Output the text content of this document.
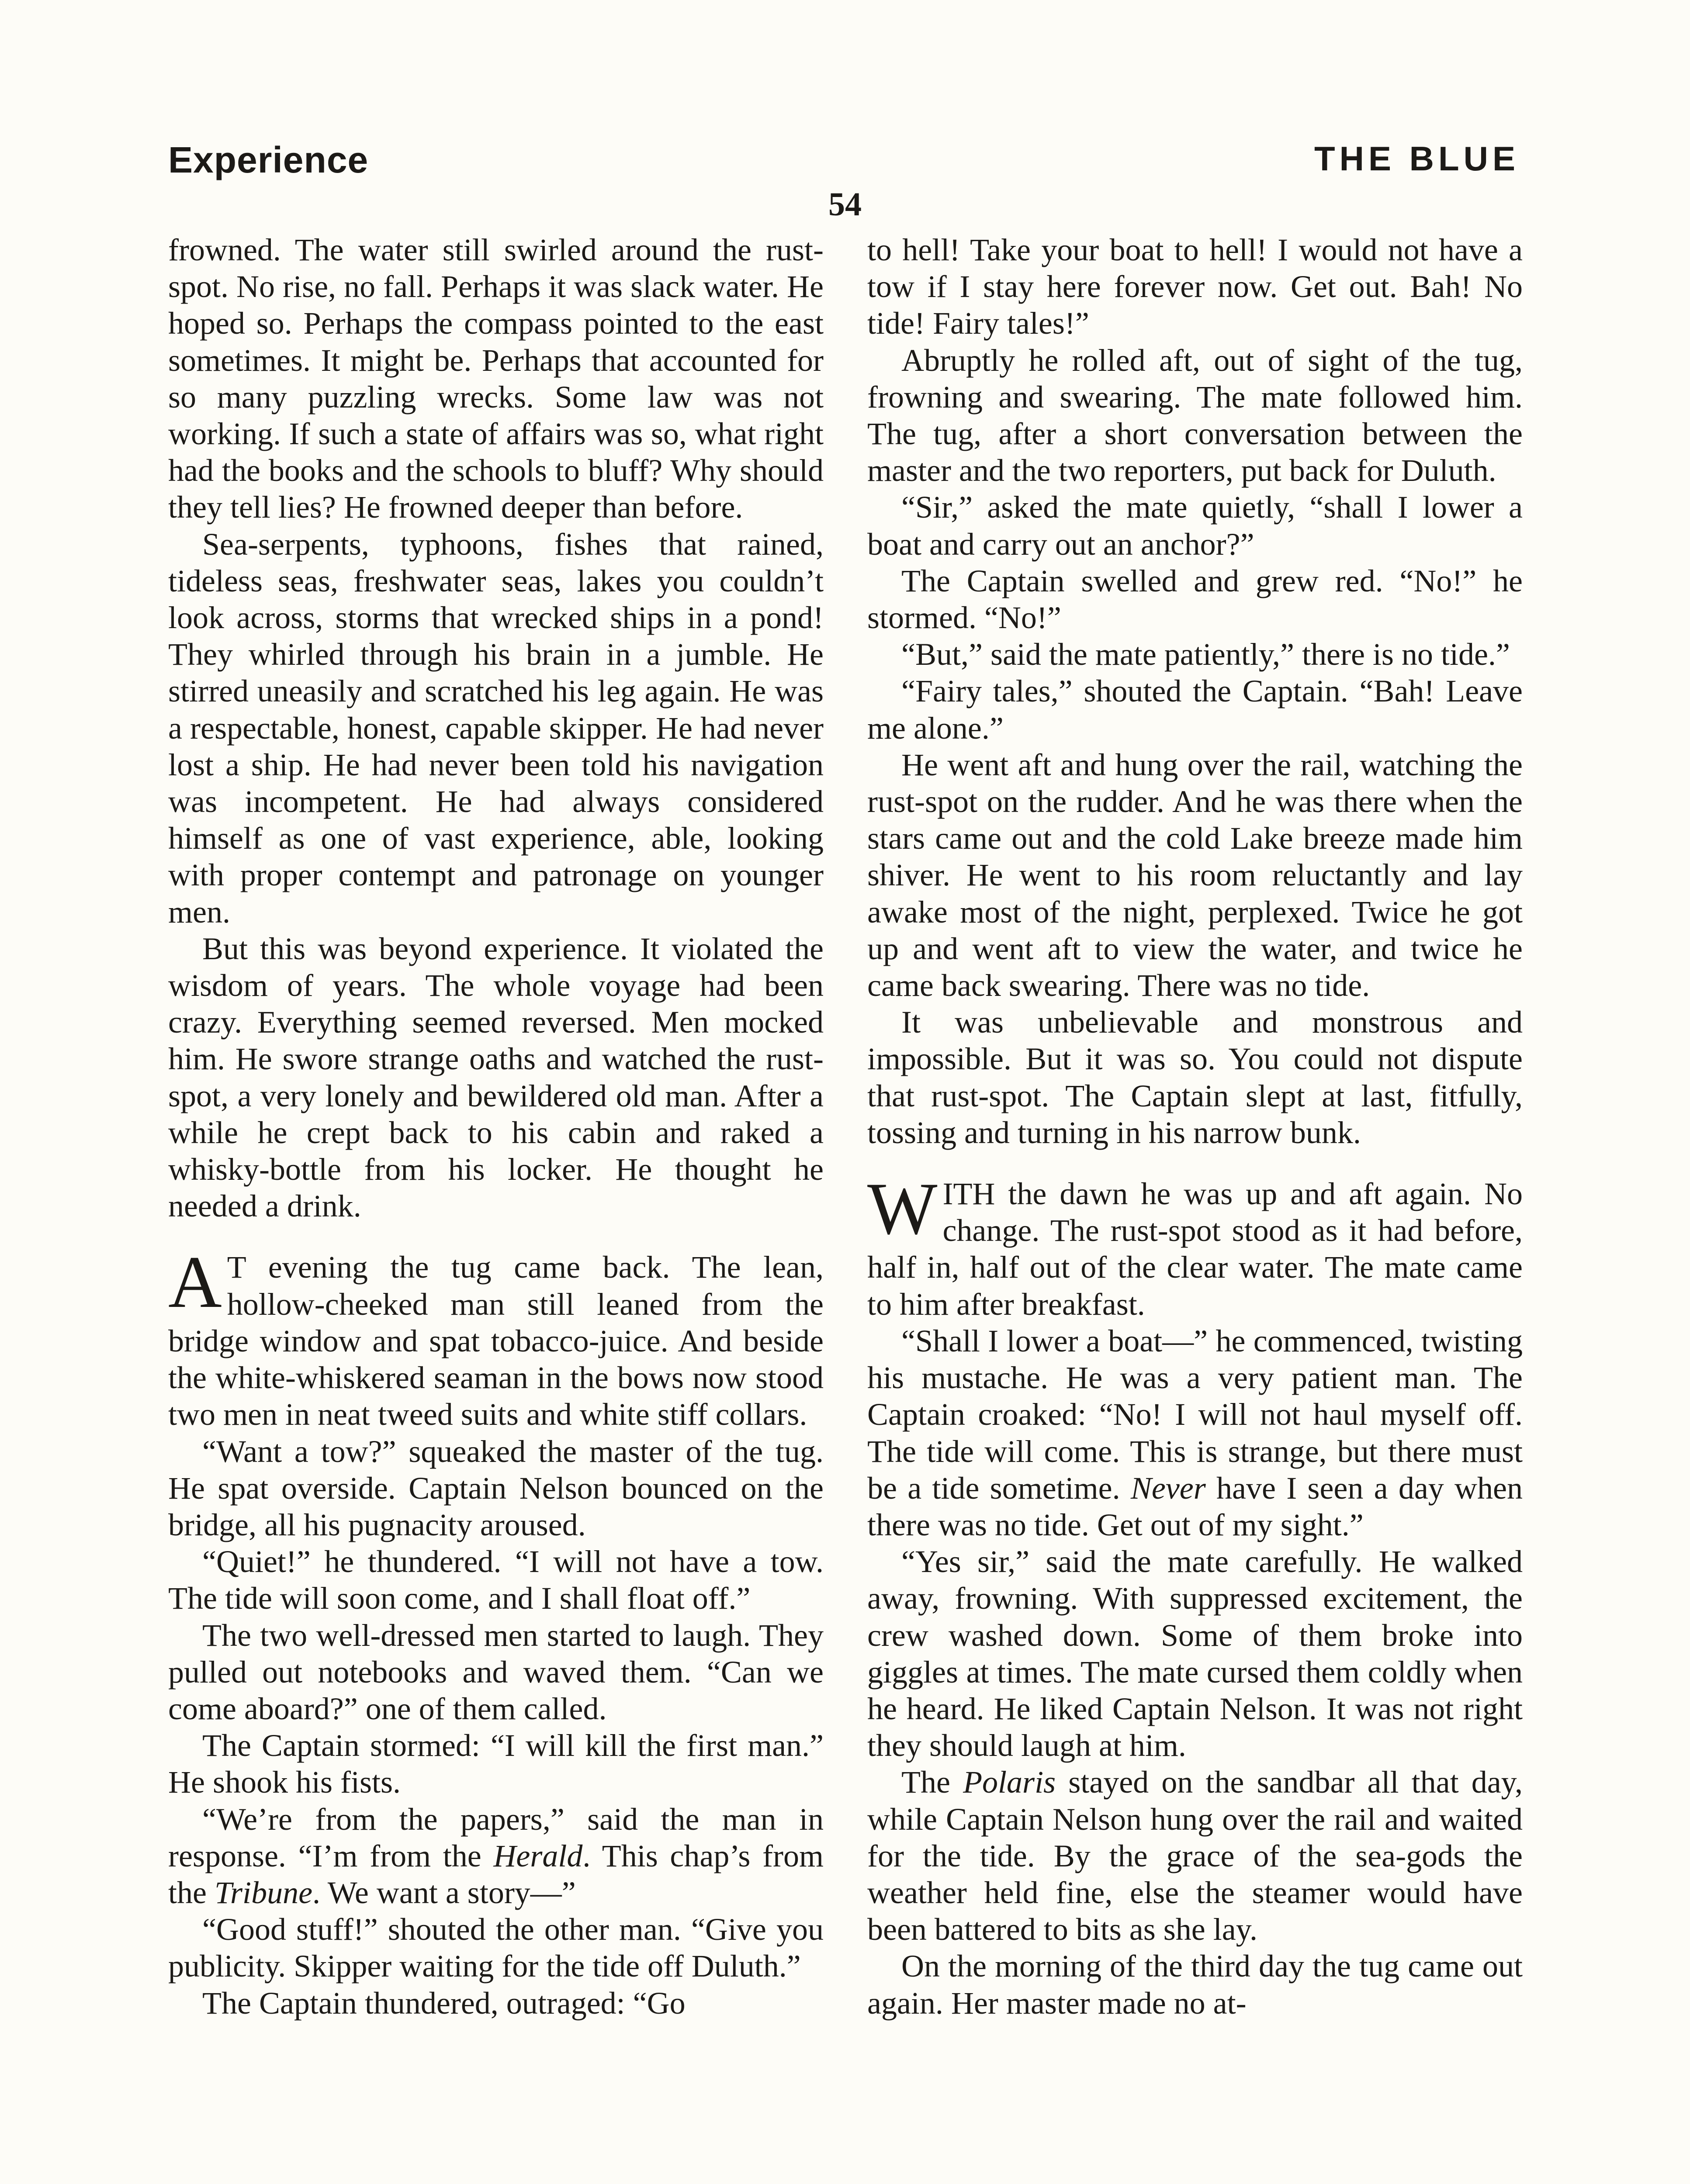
Experience	THE BLUE
54

frowned. The water still swirled around the rust-spot. No rise, no fall. Perhaps it was slack water. He hoped so. Perhaps the compass pointed to the east sometimes. It might be. Perhaps that accounted for so many puzzling wrecks. Some law was not working. If such a state of affairs was so, what right had the books and the schools to bluff? Why should they tell lies? He frowned deeper than before.

Sea-serpents, typhoons, fishes that rained, tideless seas, freshwater seas, lakes you couldn’t look across, storms that wrecked ships in a pond! They whirled through his brain in a jumble. He stirred uneasily and scratched his leg again. He was a respectable, honest, capable skipper. He had never lost a ship. He had never been told his navigation was incompetent. He had always considered himself as one of vast experience, able, looking with proper contempt and patronage on younger men.

But this was beyond experience. It violated the wisdom of years. The whole voyage had been crazy. Everything seemed reversed. Men mocked him. He swore strange oaths and watched the rust-spot, a very lonely and bewildered old man. After a while he crept back to his cabin and raked a whisky-bottle from his locker. He thought he needed a drink.

A T evening the tug came back. The lean, hollow-cheeked man still leaned from the bridge window and spat tobacco-juice. And beside the white-whiskered seaman in the bows now stood two men in neat tweed suits and white stiff collars.

“Want a tow?” squeaked the master of the tug. He spat overside. Captain Nelson bounced on the bridge, all his pugnacity aroused.

“Quiet!” he thundered. “I will not have a tow. The tide will soon come, and I shall float off.”

The two well-dressed men started to laugh. They pulled out notebooks and waved them. “Can we come aboard?” one of them called.

The Captain stormed: “I will kill the first man.” He shook his fists.

“We’re from the papers,” said the man in response. “I’m from the Herald. This chap’s from the Tribune. We want a story—”

“Good stuff!” shouted the other man. “Give you publicity. Skipper waiting for the tide off Duluth.”

The Captain thundered, outraged: “Go

to hell! Take your boat to hell! I would not have a tow if I stay here forever now. Get out. Bah! No tide! Fairy tales!”

Abruptly he rolled aft, out of sight of the tug, frowning and swearing. The mate followed him. The tug, after a short conversation between the master and the two reporters, put back for Duluth.

“Sir,” asked the mate quietly, “shall I lower a boat and carry out an anchor?”

The Captain swelled and grew red. “No!” he stormed. “No!”

“But,” said the mate patiently,” there is no tide.”

“Fairy tales,” shouted the Captain. “Bah! Leave me alone.”

He went aft and hung over the rail, watching the rust-spot on the rudder. And he was there when the stars came out and the cold Lake breeze made him shiver. He went to his room reluctantly and lay awake most of the night, perplexed. Twice he got up and went aft to view the water, and twice he came back swearing. There was no tide.

It was unbelievable and monstrous and impossible. But it was so. You could not dispute that rust-spot. The Captain slept at last, fitfully, tossing and turning in his narrow bunk.

WITH the dawn he was up and aft again. No change. The rust-spot stood as it had before, half in, half out of the clear water. The mate came to him after breakfast.

“Shall I lower a boat—” he commenced, twisting his mustache. He was a very patient man. The Captain croaked: “No! I will not haul myself off. The tide will come. This is strange, but there must be a tide sometime. Never have I seen a day when there was no tide. Get out of my sight.”

“Yes sir,” said the mate carefully. He walked away, frowning. With suppressed excitement, the crew washed down. Some of them broke into giggles at times. The mate cursed them coldly when he heard. He liked Captain Nelson. It was not right they should laugh at him.

The Polaris stayed on the sandbar all that day, while Captain Nelson hung over the rail and waited for the tide. By the grace of the sea-gods the weather held fine, else the steamer would have been battered to bits as she lay.

On the morning of the third day the tug came out again. Her master made no at-
